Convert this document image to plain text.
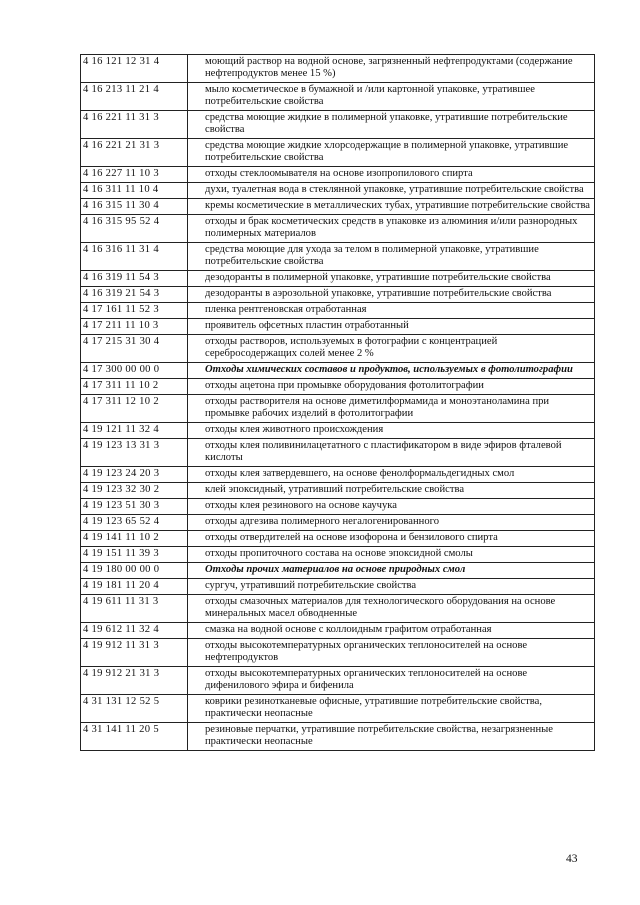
4 16 121 12 31 4	моющий раствор на водной основе, загрязненный нефтепродуктами (содержание нефтепродуктов менее 15 %)
4 16 213 11 21 4	мыло косметическое в бумажной и /или картонной упаковке, утратившее потребительские свойства
4 16 221 11 31 3	средства моющие жидкие в полимерной упаковке, утратившие потребительские свойства
4 16 221 21 31 3	средства моющие жидкие хлорсодержащие в полимерной упаковке, утратившие потребительские свойства
4 16 227 11 10 3	отходы стеклоомывателя на основе изопропилового спирта
4 16 311 11 10 4	духи, туалетная вода в стеклянной упаковке, утратившие потребительские свойства
4 16 315 11 30 4	кремы косметические в металлических тубах, утратившие потребительские свойства
4 16 315 95 52 4	отходы и брак косметических средств в упаковке из алюминия и/или разнородных полимерных материалов
4 16 316 11 31 4	средства моющие для ухода за телом в полимерной упаковке, утратившие потребительские свойства
4 16 319 11 54 3	дезодоранты в полимерной упаковке, утратившие потребительские свойства
4 16 319 21 54 3	дезодоранты в аэрозольной упаковке, утратившие потребительские свойства
4 17 161 11 52 3	пленка рентгеновская отработанная
4 17 211 11 10 3	проявитель офсетных пластин отработанный
4 17 215 31 30 4	отходы растворов, используемых в фотографии с концентрацией серебросодержащих солей менее 2 %
4 17 300 00 00 0	Отходы химических составов и продуктов, используемых в фотолитографии
4 17 311 11 10 2	отходы ацетона при промывке оборудования фотолитографии
4 17 311 12 10 2	отходы растворителя на основе диметилформамида и моноэтаноламина при промывке рабочих изделий в фотолитографии
4 19 121 11 32 4	отходы клея животного происхождения
4 19 123 13 31 3	отходы клея поливинилацетатного с пластификатором в виде эфиров фталевой кислоты
4 19 123 24 20 3	отходы клея затвердевшего, на основе фенолформальдегидных смол
4 19 123 32 30 2	клей эпоксидный, утративший потребительские свойства
4 19 123 51 30 3	отходы клея резинового на основе каучука
4 19 123 65 52 4	отходы адгезива полимерного негалогенированного
4 19 141 11 10 2	отходы отвердителей на основе изофорона и бензилового спирта
4 19 151 11 39 3	отходы пропиточного состава на основе эпоксидной смолы
4 19 180 00 00 0	Отходы прочих материалов на основе природных смол
4 19 181 11 20 4	сургуч, утративший потребительские свойства
4 19 611 11 31 3	отходы смазочных материалов для технологического оборудования на основе минеральных масел обводненные
4 19 612 11 32 4	смазка на водной основе с коллоидным графитом отработанная
4 19 912 11 31 3	отходы высокотемпературных органических теплоносителей на основе нефтепродуктов
4 19 912 21 31 3	отходы высокотемпературных органических теплоносителей на основе дифенилового эфира и бифенила
4 31 131 12 52 5	коврики резинотканевые офисные, утратившие потребительские свойства, практически неопасные
4 31 141 11 20 5	резиновые перчатки, утратившие потребительские свойства, незагрязненные практически неопасные
43
